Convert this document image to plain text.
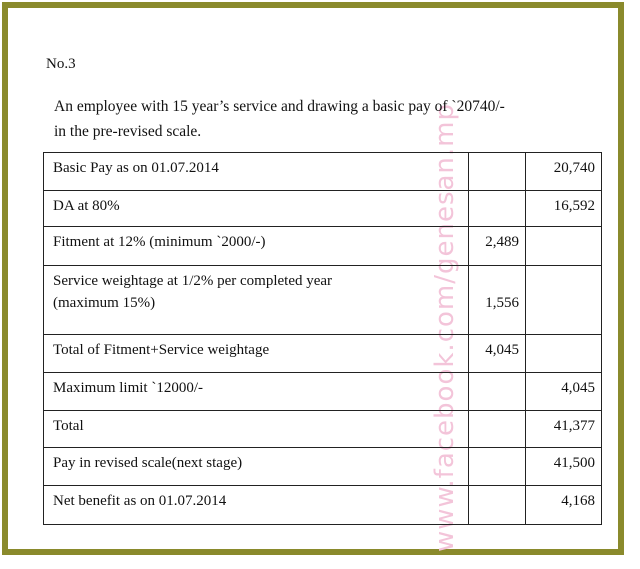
www.facebook.com/genesan.mp
No.3
An employee with 15 year’s service and drawing a basic pay of `20740/-
in the pre-revised scale.
Basic Pay as on 01.07.2014		20,740
DA at 80%		16,592
Fitment at 12% (minimum `2000/-)	2,489	

Service weightage at 1/2% per completed year
(maximum 15%)	1,556	

Total of Fitment+Service weightage	4,045	
Maximum limit `12000/-		4,045
Total		41,377
Pay in revised scale(next stage)		41,500
Net benefit as on 01.07.2014		4,168
